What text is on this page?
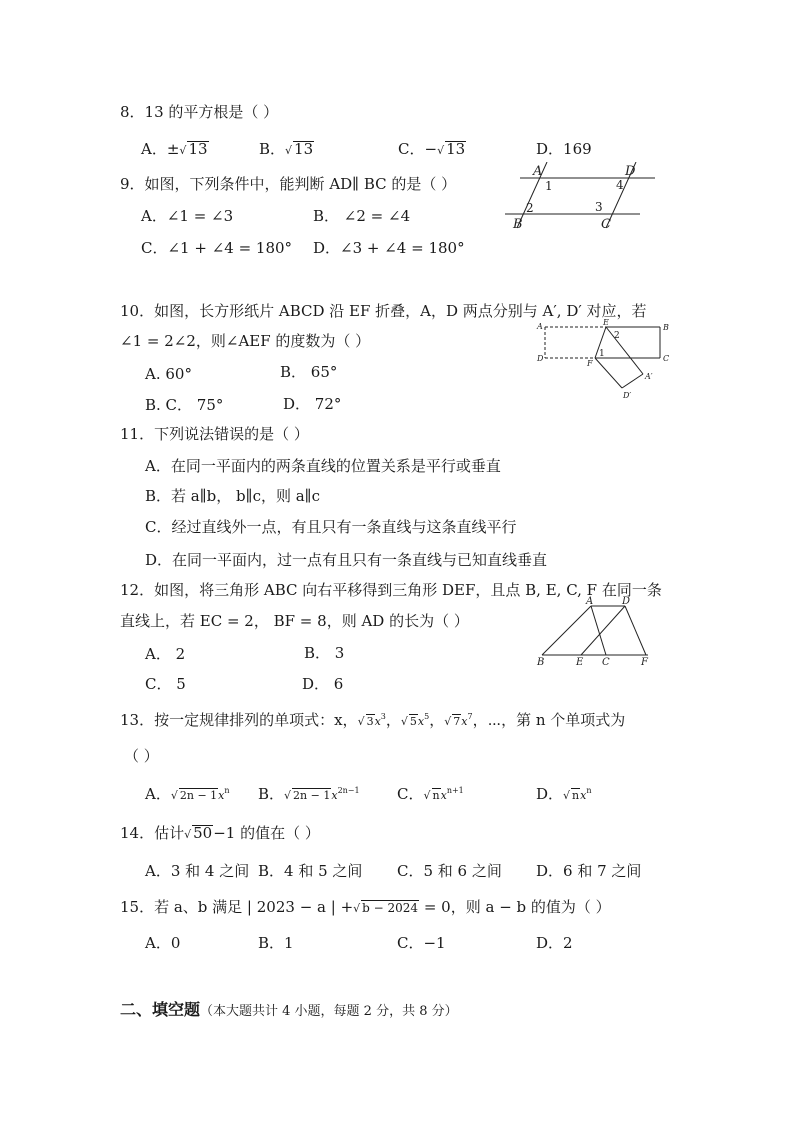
8．13 的平方根是（ ）
A．±√ 13	B．√ 13	C．−√ 13	D．169
9．如图，下列条件中，能判断 AD∥ BC 的是（ ）
A．∠1 = ∠3	B． ∠2 = ∠4
C．∠1 + ∠4 = 180° D．∠3 + ∠4 = 180°
A	D
B	C
1	4
2	3
10．如图，长方形纸片 ABCD 沿 EF 折叠，A，D 两点分别与 A′, D′ 对应，若
∠1 = 2∠2，则∠AEF 的度数为（ ）
A. 60°	B． 65°
B. C． 75°	D． 72°
A	E
B
D
F
C
A′
D′
1
2
11．下列说法错误的是（ ）
A．在同一平面内的两条直线的位置关系是平行或垂直
B．若 a∥b， b∥c，则 a∥c
C．经过直线外一点，有且只有一条直线与这条直线平行
D．在同一平面内，过一点有且只有一条直线与已知直线垂直
12．如图，将三角形 ABC 向右平移得到三角形 DEF，且点 B, E, C, F 在同一条
直线上，若 EC = 2， BF = 8，则 AD 的长为（ ）
A． 2	B． 3
C． 5	D． 6
A	D
B	E C	F
13．按一定规律排列的单项式：x，√ $3x^3$，√ $5x^5$，√ $7x^7$，⋯，第 n 个单项式为
（ ）
A．√ $2n - 1x^n$ B．√ $2n - 1x^{2n-1}$ C．√ $nx^{n+1}$	D．√ $nx^n$
14．估计√ 50−1 的值在（ ）
A．3 和 4 之间 B．4 和 5 之间 C．5 和 6 之间 D．6 和 7 之间
15．若 a、b 满足 | 2023 − a | +√ b − 2024 = 0，则 a − b 的值为（ ）
A．0	B．1	C．−1	D．2
二、填空题（本大题共计 4 小题，每题 2 分，共 8 分）
